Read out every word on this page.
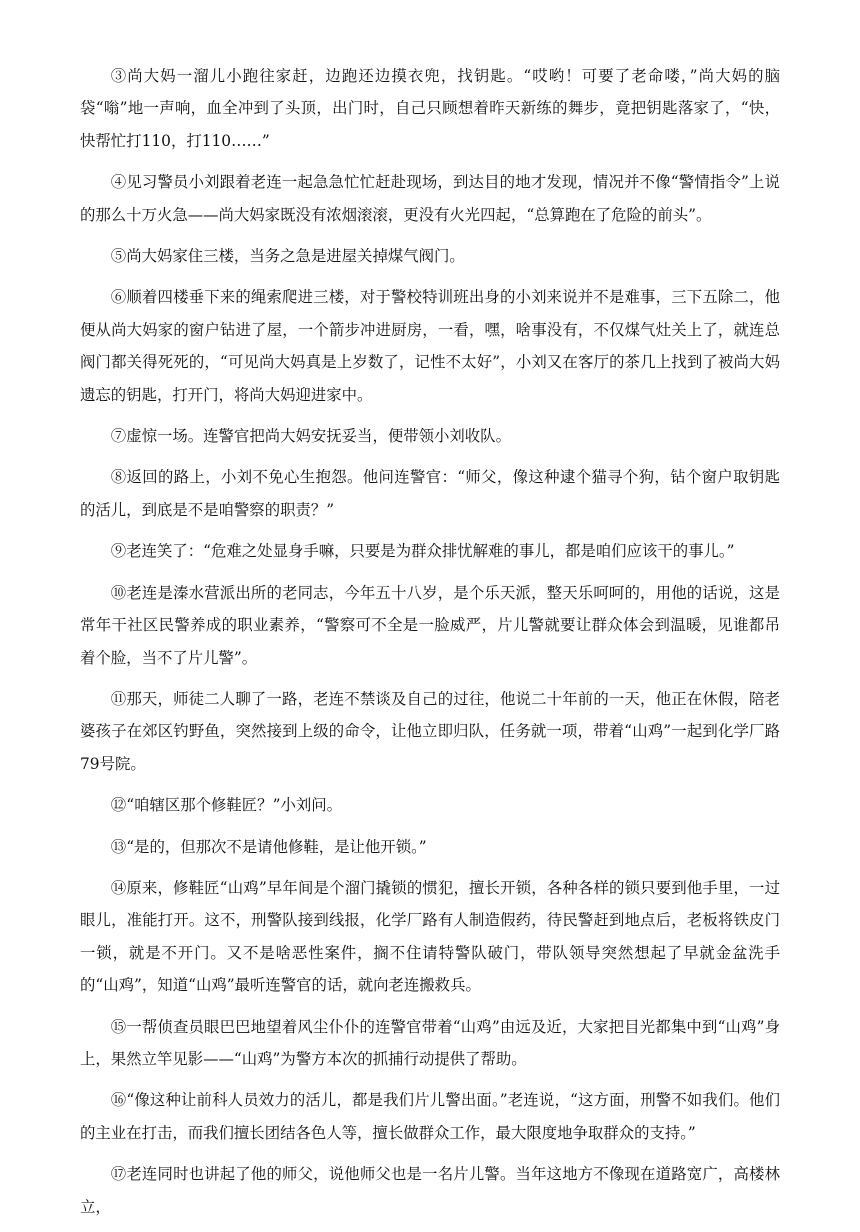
③尚大妈一溜儿小跑往家赶，边跑还边摸衣兜，找钥匙。“哎哟！可要了老命喽，”尚大妈的脑袋“嗡”地一声响，血全冲到了头顶，出门时，自己只顾想着昨天新练的舞步，竟把钥匙落家了，“快，快帮忙打110，打110……”

④见习警员小刘跟着老连一起急急忙忙赶赴现场，到达目的地才发现，情况并不像“警情指令”上说的那么十万火急——尚大妈家既没有浓烟滚滚，更没有火光四起，“总算跑在了危险的前头”。

⑤尚大妈家住三楼，当务之急是进屋关掉煤气阀门。

⑥顺着四楼垂下来的绳索爬进三楼，对于警校特训班出身的小刘来说并不是难事，三下五除二，他便从尚大妈家的窗户钻进了屋，一个箭步冲进厨房，一看，嘿，啥事没有，不仅煤气灶关上了，就连总阀门都关得死死的，“可见尚大妈真是上岁数了，记性不太好”，小刘又在客厅的茶几上找到了被尚大妈遗忘的钥匙，打开门，将尚大妈迎进家中。

⑦虚惊一场。连警官把尚大妈安抚妥当，便带领小刘收队。

⑧返回的路上，小刘不免心生抱怨。他问连警官：“师父，像这种逮个猫寻个狗，钻个窗户取钥匙的活儿，到底是不是咱警察的职责？”

⑨老连笑了：“危难之处显身手嘛，只要是为群众排忧解难的事儿，都是咱们应该干的事儿。”

⑩老连是溱水营派出所的老同志，今年五十八岁，是个乐天派，整天乐呵呵的，用他的话说，这是常年干社区民警养成的职业素养，“警察可不全是一脸威严，片儿警就要让群众体会到温暖，见谁都吊着个脸，当不了片儿警”。

⑪那天，师徒二人聊了一路，老连不禁谈及自己的过往，他说二十年前的一天，他正在休假，陪老婆孩子在郊区钓野鱼，突然接到上级的命令，让他立即归队，任务就一项，带着“山鸡”一起到化学厂路79号院。

⑫“咱辖区那个修鞋匠？”小刘问。

⑬“是的，但那次不是请他修鞋，是让他开锁。”

⑭原来，修鞋匠“山鸡”早年间是个溜门撬锁的惯犯，擅长开锁，各种各样的锁只要到他手里，一过眼儿，准能打开。这不，刑警队接到线报，化学厂路有人制造假药，待民警赶到地点后，老板将铁皮门一锁，就是不开门。又不是啥恶性案件，搁不住请特警队破门，带队领导突然想起了早就金盆洗手的“山鸡”，知道“山鸡”最听连警官的话，就向老连搬救兵。

⑮一帮侦查员眼巴巴地望着风尘仆仆的连警官带着“山鸡”由远及近，大家把目光都集中到“山鸡”身上，果然立竿见影——“山鸡”为警方本次的抓捕行动提供了帮助。

⑯“像这种让前科人员效力的活儿，都是我们片儿警出面。”老连说，“这方面，刑警不如我们。他们的主业在打击，而我们擅长团结各色人等，擅长做群众工作，最大限度地争取群众的支持。”

⑰老连同时也讲起了他的师父，说他师父也是一名片儿警。当年这地方不像现在道路宽广，高楼林立，
